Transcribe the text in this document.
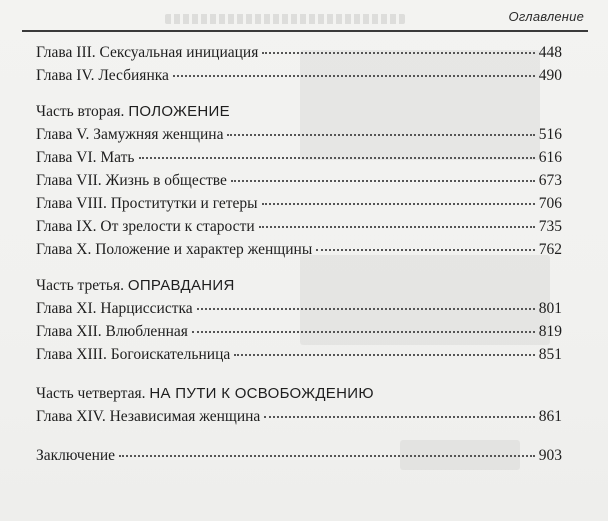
Оглавление
Глава III. Сексуальная инициация	448
Глава IV. Лесбиянка	490
Часть вторая. ПОЛОЖЕНИЕ
Глава V. Замужняя женщина	516
Глава VI. Мать	616
Глава VII. Жизнь в обществе	673
Глава VIII. Проститутки и гетеры	706
Глава IX. От зрелости к старости	735
Глава X. Положение и характер женщины	762
Часть третья. ОПРАВДАНИЯ
Глава XI. Нарциссистка	801
Глава XII. Влюбленная	819
Глава XIII. Богоискательница	851
Часть четвертая. НА ПУТИ К ОСВОБОЖДЕНИЮ
Глава XIV. Независимая женщина	861
Заключение	903
